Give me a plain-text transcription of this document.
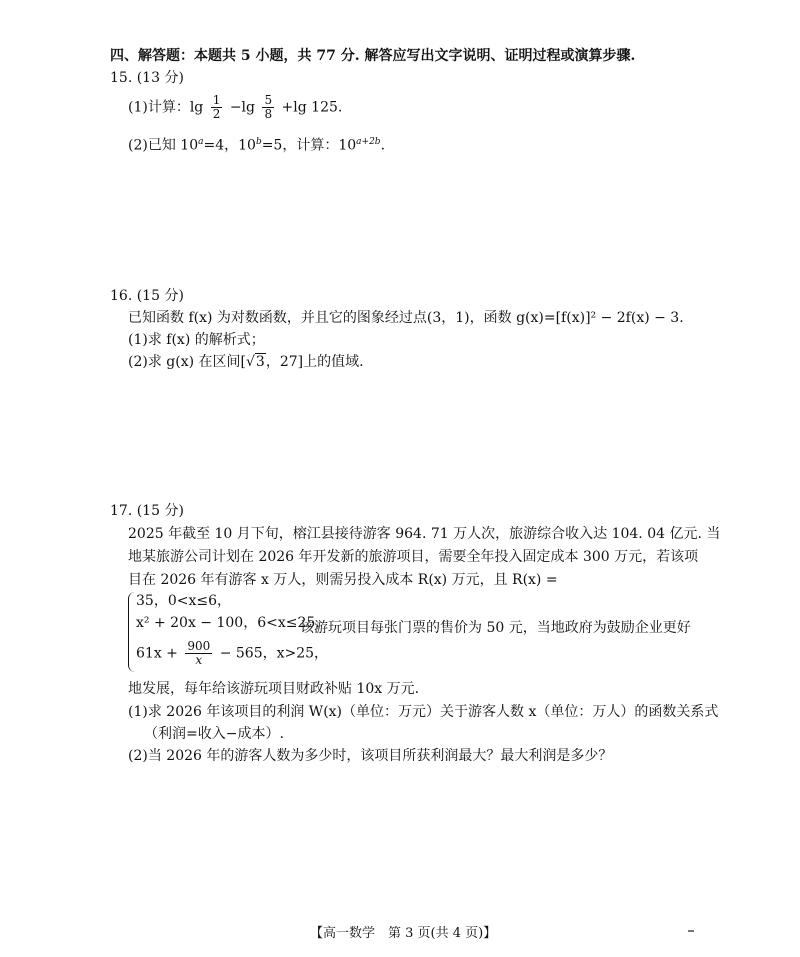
四、解答题：本题共 5 小题，共 77 分. 解答应写出文字说明、证明过程或演算步骤.
15. (13 分)
(1)计算：$\lg \frac{1}{2} -\lg \frac{5}{8} +\lg$ 125.
(2)已知 $10^a=4$，$10^b=5$，计算：$10^{a+2b}$.
16. (15 分)
已知函数 f(x) 为对数函数，并且它的图象经过点(3，1)，函数 g(x)=[f(x)]² − 2f(x) − 3.
(1)求 f(x) 的解析式；
(2)求 g(x) 在区间[√3，27]上的值域.
17. (15 分)
2025 年截至 10 月下旬，榕江县接待游客 964. 71 万人次，旅游综合收入达 104. 04 亿元. 当
地某旅游公司计划在 2026 年开发新的旅游项目，需要全年投入固定成本 300 万元，若该项
目在 2026 年有游客 x 万人，则需另投入成本 R(x) 万元，且 R(x) =
35，0<x≤6，
x² + 20x − 100，6<x≤25，
$61x + \frac{900}{x} - 565$，x>25，
该游玩项目每张门票的售价为 50 元，当地政府为鼓励企业更好
地发展，每年给该游玩项目财政补贴 10x 万元.
(1)求 2026 年该项目的利润 W(x)（单位：万元）关于游客人数 x（单位：万人）的函数关系式
（利润=收入−成本）.
(2)当 2026 年的游客人数为多少时，该项目所获利润最大？最大利润是多少？
【高一数学　第 3 页(共 4 页)】
